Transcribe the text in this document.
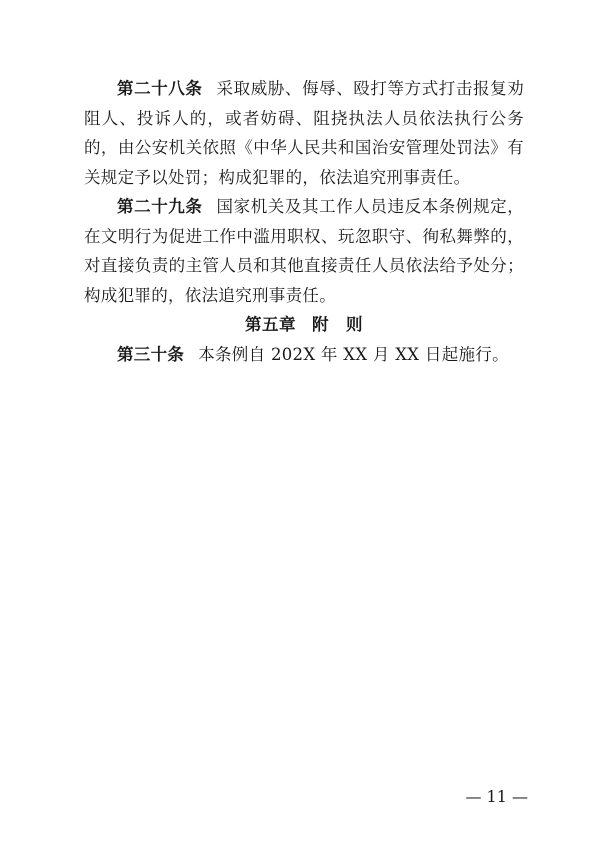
第二十八条 采取威胁、侮辱、殴打等方式打击报复劝阻人、投诉人的，或者妨碍、阻挠执法人员依法执行公务的，由公安机关依照《中华人民共和国治安管理处罚法》有关规定予以处罚；构成犯罪的，依法追究刑事责任。

第二十九条 国家机关及其工作人员违反本条例规定，在文明行为促进工作中滥用职权、玩忽职守、徇私舞弊的，对直接负责的主管人员和其他直接责任人员依法给予处分；构成犯罪的，依法追究刑事责任。

第五章 附　则

第三十条 本条例自 202X 年 XX 月 XX 日起施行。

— 11 —
